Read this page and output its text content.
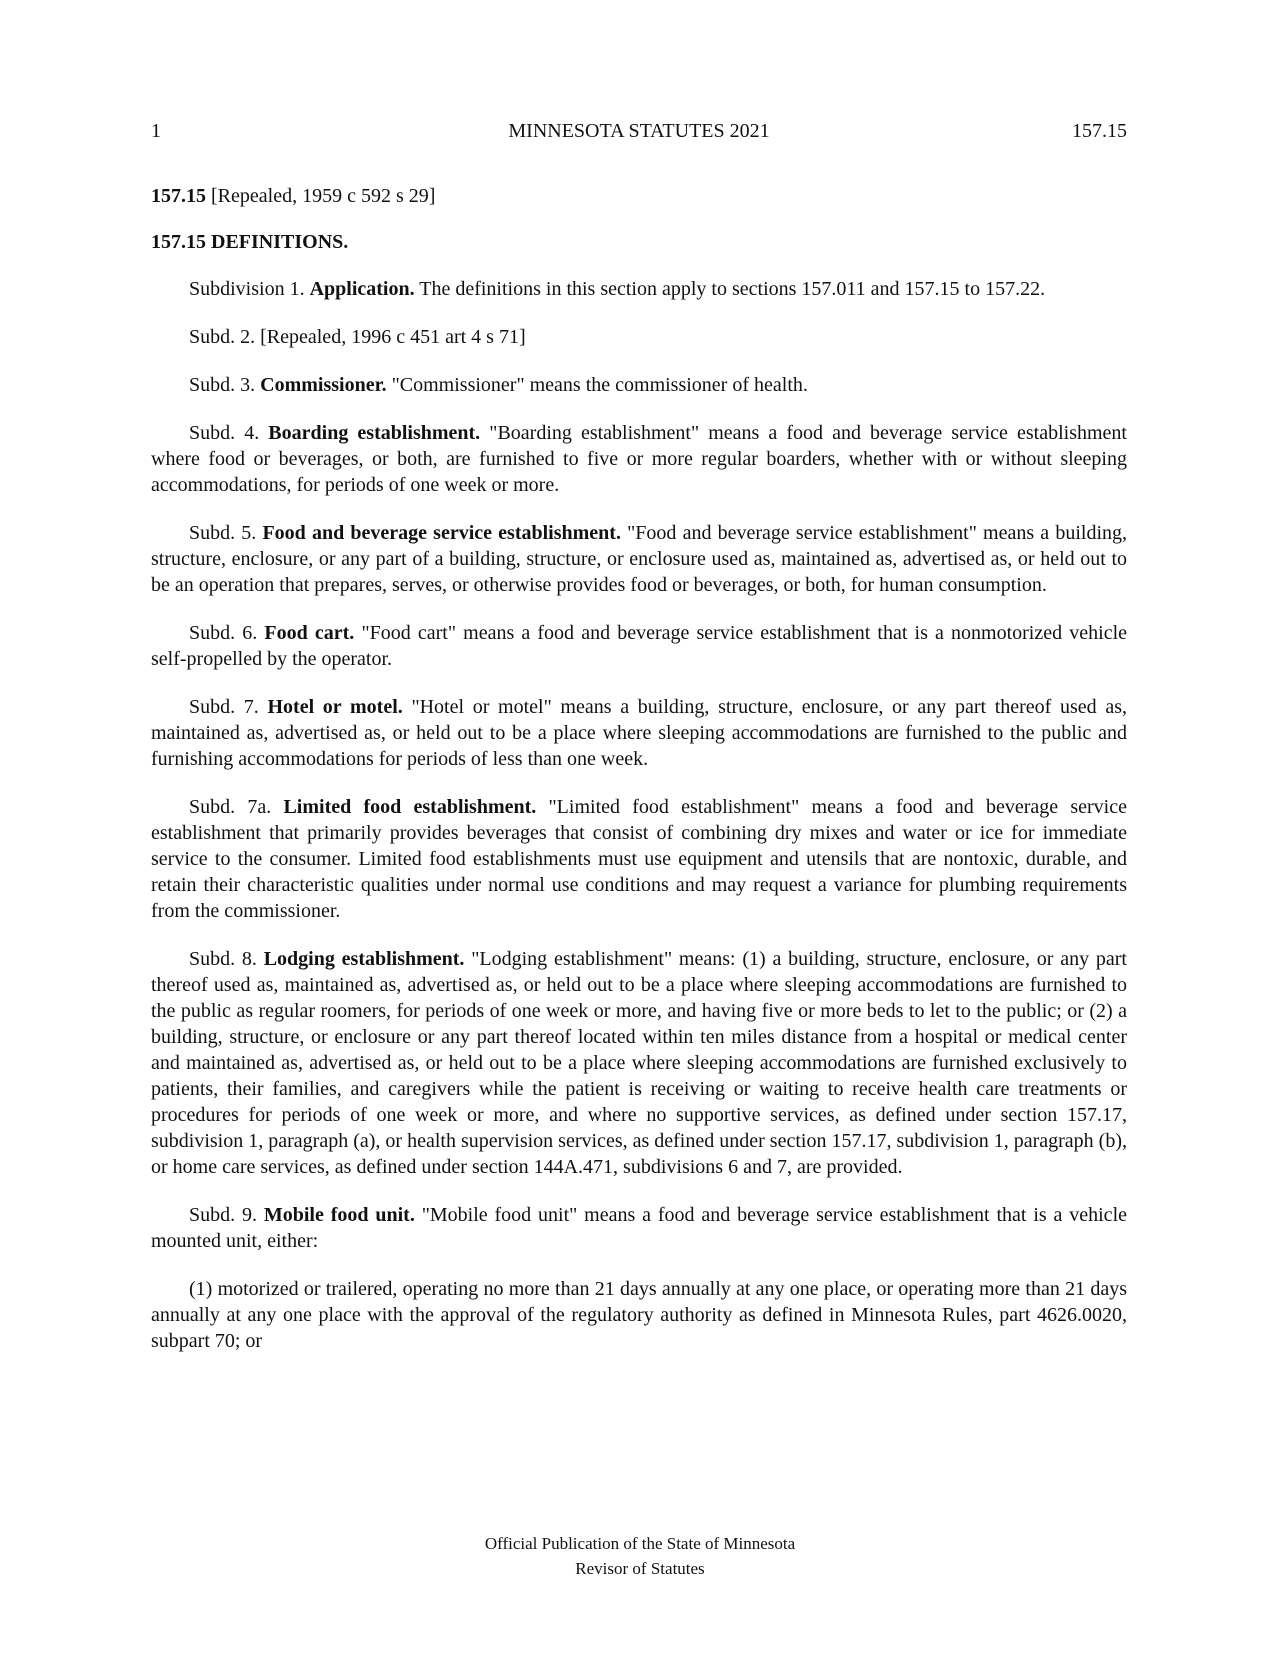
1	MINNESOTA STATUTES 2021	157.15

157.15 [Repealed, 1959 c 592 s 29]

157.15 DEFINITIONS.

Subdivision 1. Application. The definitions in this section apply to sections 157.011 and 157.15 to 157.22.

Subd. 2. [Repealed, 1996 c 451 art 4 s 71]

Subd. 3. Commissioner. "Commissioner" means the commissioner of health.

Subd. 4. Boarding establishment. "Boarding establishment" means a food and beverage service establishment where food or beverages, or both, are furnished to five or more regular boarders, whether with or without sleeping accommodations, for periods of one week or more.

Subd. 5. Food and beverage service establishment. "Food and beverage service establishment" means a building, structure, enclosure, or any part of a building, structure, or enclosure used as, maintained as, advertised as, or held out to be an operation that prepares, serves, or otherwise provides food or beverages, or both, for human consumption.

Subd. 6. Food cart. "Food cart" means a food and beverage service establishment that is a nonmotorized vehicle self-propelled by the operator.

Subd. 7. Hotel or motel. "Hotel or motel" means a building, structure, enclosure, or any part thereof used as, maintained as, advertised as, or held out to be a place where sleeping accommodations are furnished to the public and furnishing accommodations for periods of less than one week.

Subd. 7a. Limited food establishment. "Limited food establishment" means a food and beverage service establishment that primarily provides beverages that consist of combining dry mixes and water or ice for immediate service to the consumer. Limited food establishments must use equipment and utensils that are nontoxic, durable, and retain their characteristic qualities under normal use conditions and may request a variance for plumbing requirements from the commissioner.

Subd. 8. Lodging establishment. "Lodging establishment" means: (1) a building, structure, enclosure, or any part thereof used as, maintained as, advertised as, or held out to be a place where sleeping accommodations are furnished to the public as regular roomers, for periods of one week or more, and having five or more beds to let to the public; or (2) a building, structure, or enclosure or any part thereof located within ten miles distance from a hospital or medical center and maintained as, advertised as, or held out to be a place where sleeping accommodations are furnished exclusively to patients, their families, and caregivers while the patient is receiving or waiting to receive health care treatments or procedures for periods of one week or more, and where no supportive services, as defined under section 157.17, subdivision 1, paragraph (a), or health supervision services, as defined under section 157.17, subdivision 1, paragraph (b), or home care services, as defined under section 144A.471, subdivisions 6 and 7, are provided.

Subd. 9. Mobile food unit. "Mobile food unit" means a food and beverage service establishment that is a vehicle mounted unit, either:

(1) motorized or trailered, operating no more than 21 days annually at any one place, or operating more than 21 days annually at any one place with the approval of the regulatory authority as defined in Minnesota Rules, part 4626.0020, subpart 70; or

Official Publication of the State of Minnesota
Revisor of Statutes
